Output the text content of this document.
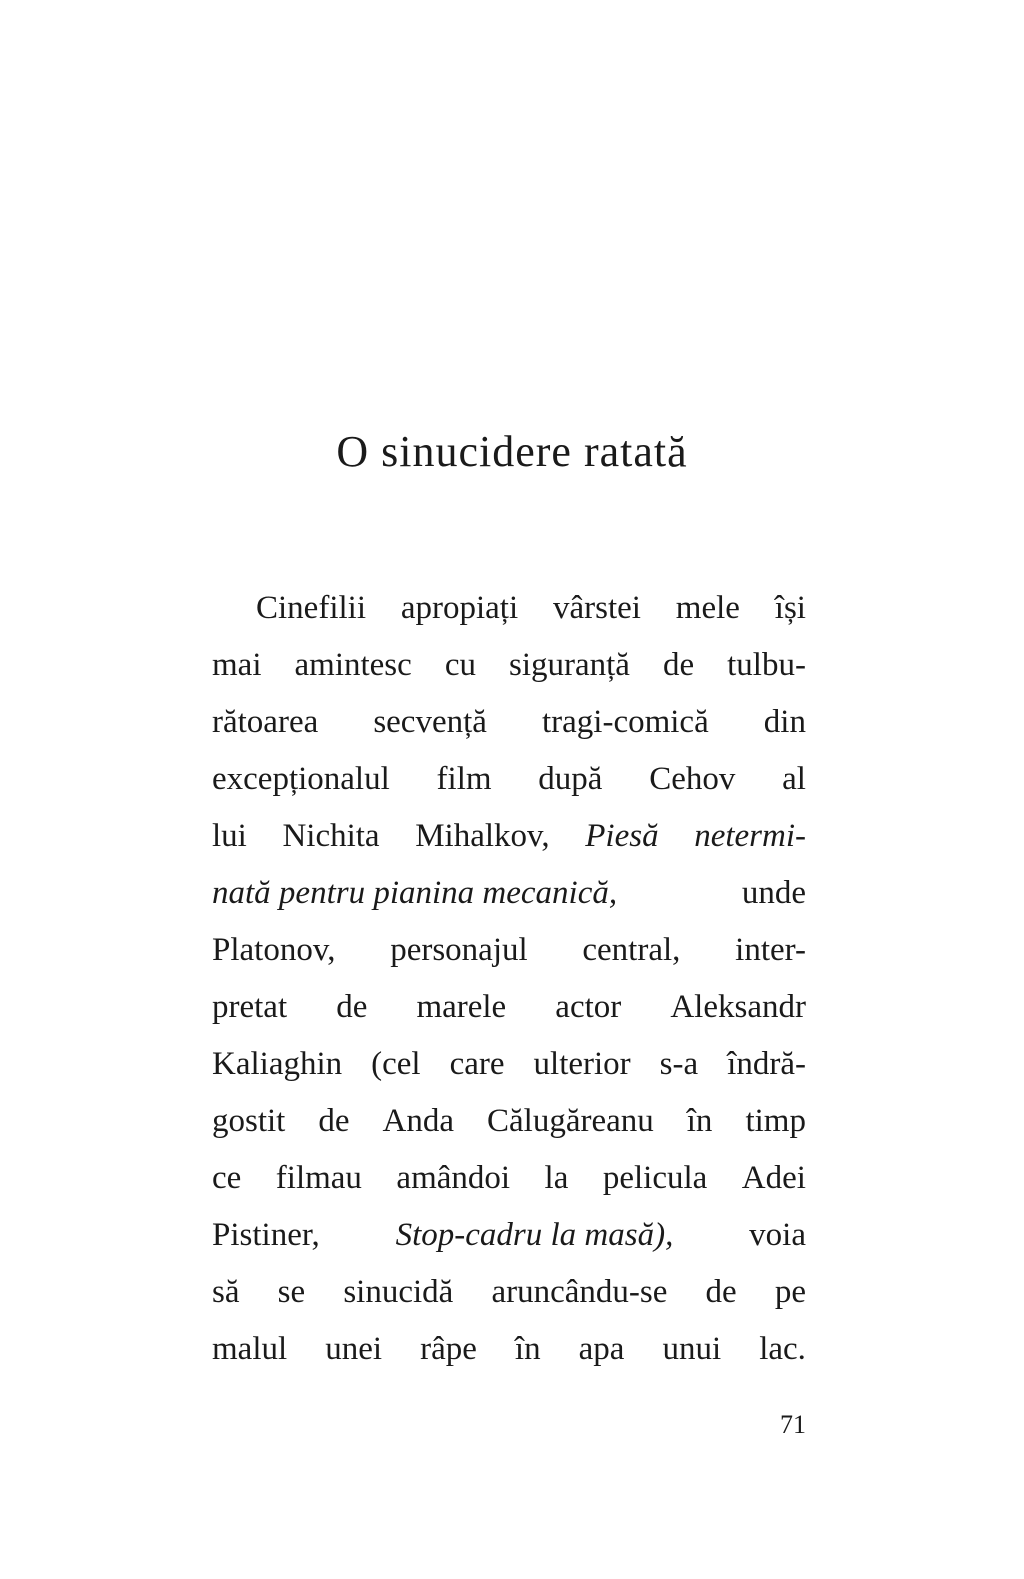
O sinucidere ratată
Cinefilii apropiați vârstei mele își
mai amintesc cu siguranță de tulbu-
rătoarea secvență tragi-comică din
excepționalul film după Cehov al
lui Nichita Mihalkov, Piesă netermi-
nată pentru pianina mecanică,	unde
Platonov, personajul central, inter-
pretat de marele actor Aleksandr
Kaliaghin (cel care ulterior s-a îndră-
gostit de Anda Călugăreanu în timp
ce filmau amândoi la pelicula Adei
Pistiner, Stop-cadru la masă), voia
să se sinucidă aruncându-se de pe
malul unei râpe în apa unui lac.
71
